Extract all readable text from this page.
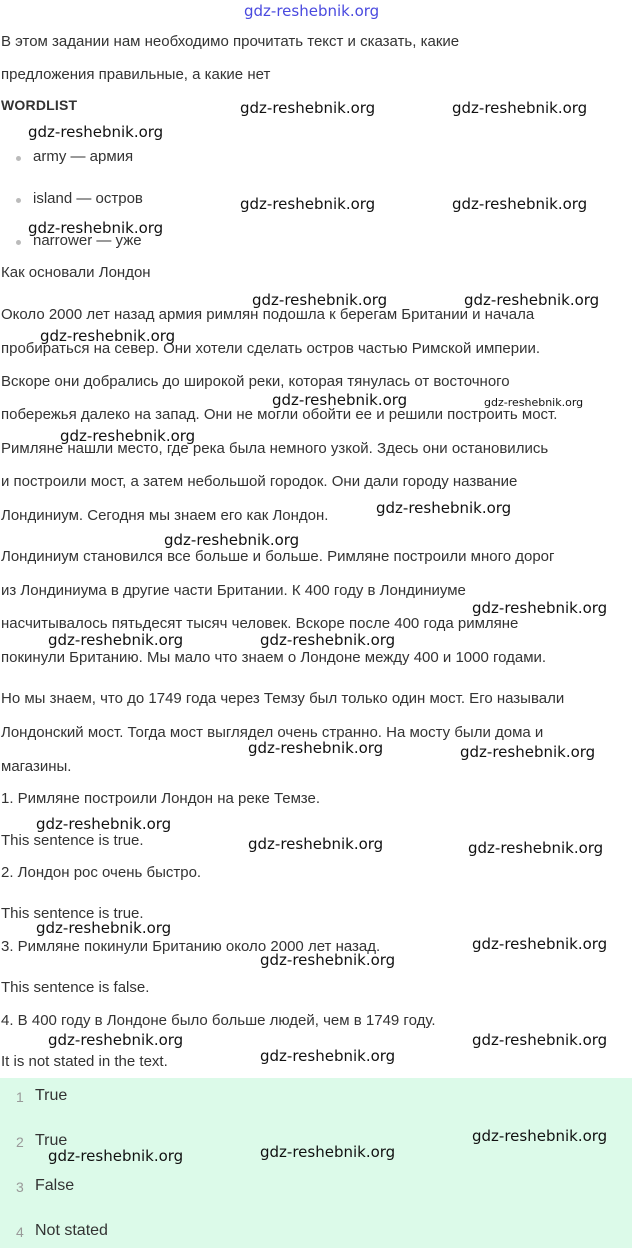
gdz-reshebnik.org
В этом задании нам необходимо прочитать текст и сказать, какие
предложения правильные, а какие нет
WORDLIST
army — армия
island — остров
narrower — уже
Как основали Лондон
Около 2000 лет назад армия римлян подошла к берегам Британии и начала
пробираться на север. Они хотели сделать остров частью Римской империи.
Вскоре они добрались до широкой реки, которая тянулась от восточного
побережья далеко на запад. Они не могли обойти ее и решили построить мост.
Римляне нашли место, где река была немного узкой. Здесь они остановились
и построили мост, а затем небольшой городок. Они дали городу название
Лондиниум. Сегодня мы знаем его как Лондон.
Лондиниум становился все больше и больше. Римляне построили много дорог
из Лондиниума в другие части Британии. К 400 году в Лондиниуме
насчитывалось пятьдесят тысяч человек. Вскоре после 400 года римляне
покинули Британию. Мы мало что знаем о Лондоне между 400 и 1000 годами.
Но мы знаем, что до 1749 года через Темзу был только один мост. Его называли
Лондонский мост. Тогда мост выглядел очень странно. На мосту были дома и
магазины.
1. Римляне построили Лондон на реке Темзе.
This sentence is true.
2. Лондон рос очень быстро.
This sentence is true.
3. Римляне покинули Британию около 2000 лет назад.
This sentence is false.
4. В 400 году в Лондоне было больше людей, чем в 1749 году.
It is not stated in the text.
1 True
2 True
3 False
4 Not stated
gdz-reshebnik.org	gdz-reshebnik.org
gdz-reshebnik.org
gdz-reshebnik.org	gdz-reshebnik.org
gdz-reshebnik.org
gdz-reshebnik.org	gdz-reshebnik.org
gdz-reshebnik.org
gdz-reshebnik.org	gdz-reshebnik.org
gdz-reshebnik.org
gdz-reshebnik.org
gdz-reshebnik.org
gdz-reshebnik.org
gdz-reshebnik.org	gdz-reshebnik.org
gdz-reshebnik.org	gdz-reshebnik.org
gdz-reshebnik.org
gdz-reshebnik.org	gdz-reshebnik.org
gdz-reshebnik.org
gdz-reshebnik.org
gdz-reshebnik.org
gdz-reshebnik.org	gdz-reshebnik.org
gdz-reshebnik.org
gdz-reshebnik.org
gdz-reshebnik.org
gdz-reshebnik.org
